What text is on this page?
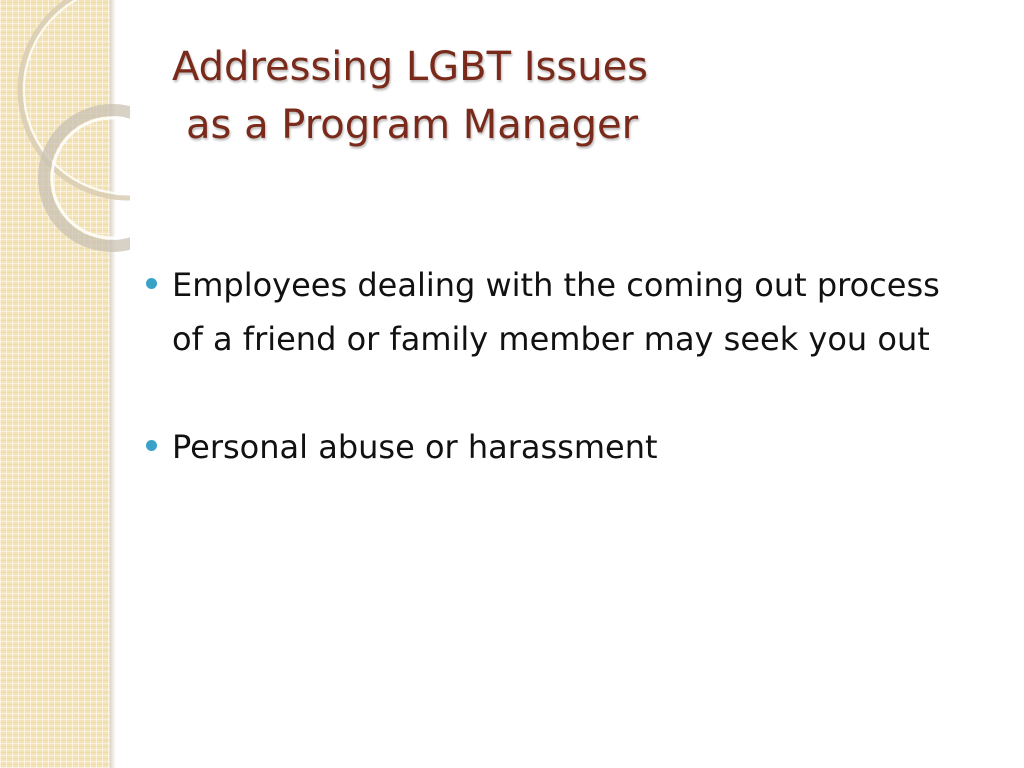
Addressing LGBT Issues
as a Program Manager
Employees dealing with the coming out process of a friend or family member may seek you out
Personal abuse or harassment
